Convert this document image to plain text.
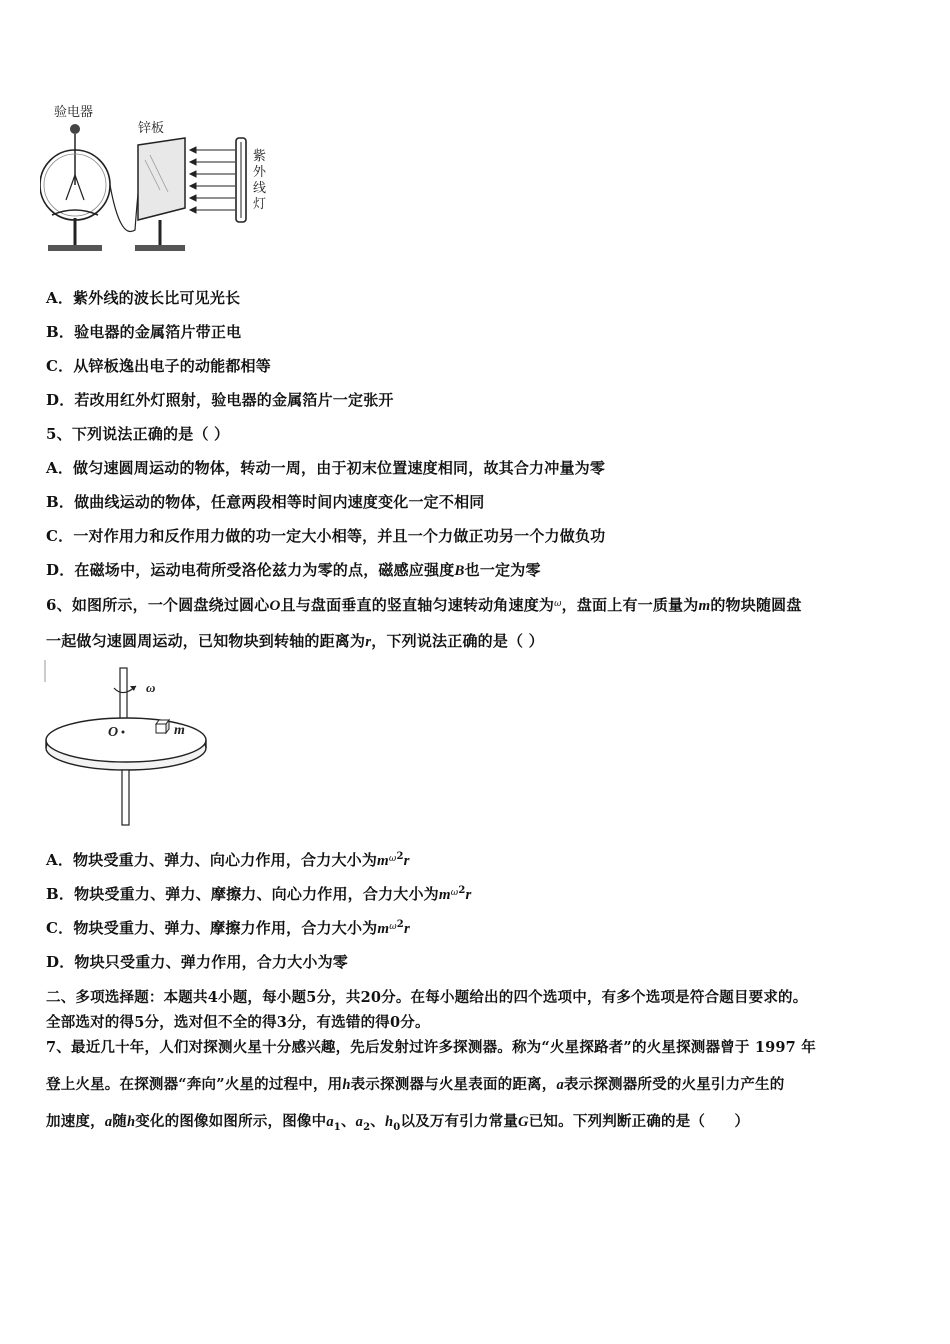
验电器
锌板
紫
外
线
灯
A．紫外线的波长比可见光长
B．验电器的金属箔片带正电
C．从锌板逸出电子的动能都相等
D．若改用红外灯照射，验电器的金属箔片一定张开
5、下列说法正确的是（ ）
A．做匀速圆周运动的物体，转动一周，由于初末位置速度相同，故其合力冲量为零
B．做曲线运动的物体，任意两段相等时间内速度变化一定不相同
C．一对作用力和反作用力做的功一定大小相等，并且一个力做正功另一个力做负功
D．在磁场中，运动电荷所受洛伦兹力为零的点，磁感应强度B也一定为零
6、如图所示，一个圆盘绕过圆心O且与盘面垂直的竖直轴匀速转动角速度为$^\omega$，盘面上有一质量为m的物块随圆盘
一起做匀速圆周运动，已知物块到转轴的距离为r，下列说法正确的是（ ）
ω
O	m
A．物块受重力、弹力、向心力作用，合力大小为$m^{\omega 2}r$
B．物块受重力、弹力、摩擦力、向心力作用，合力大小为$m^{\omega 2}r$
C．物块受重力、弹力、摩擦力作用，合力大小为$m^{\omega 2}r$
D．物块只受重力、弹力作用，合力大小为零
二、多项选择题：本题共4小题，每小题5分，共20分。在每小题给出的四个选项中，有多个选项是符合题目要求的。
全部选对的得5分，选对但不全的得3分，有选错的得0分。
7、最近几十年，人们对探测火星十分感兴趣，先后发射过许多探测器。称为“火星探路者”的火星探测器曾于 1997 年
登上火星。在探测器“奔向”火星的过程中，用h表示探测器与火星表面的距离，a表示探测器所受的火星引力产生的
加速度，a随h变化的图像如图所示，图像中$a_1$、$a_2$、$h_0$以及万有引力常量G已知。下列判断正确的是（　　）
